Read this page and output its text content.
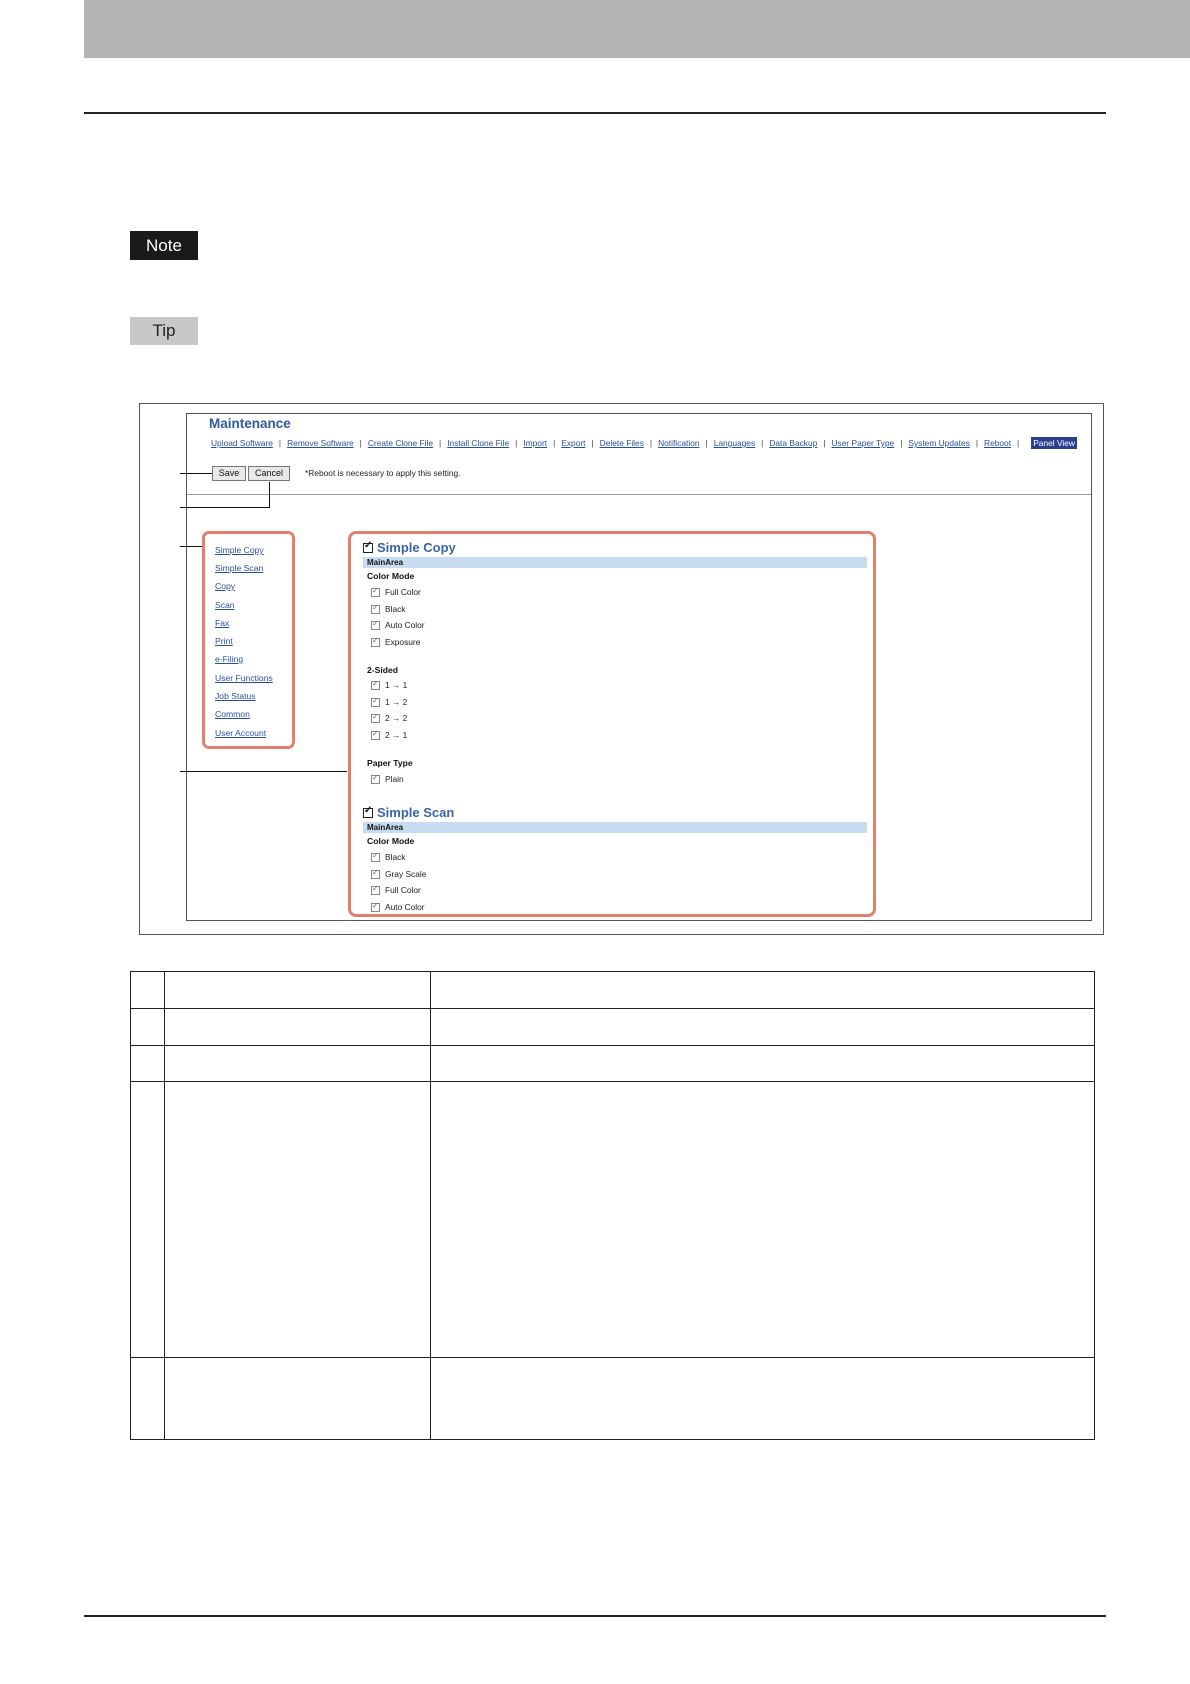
Note
Tip
Maintenance
Upload Software | Remove Software | Create Clone File | Install Clone File | Import | Export | Delete Files | Notification | Languages | Data Backup | User Paper Type | System Updates | Reboot | Panel View
Save	Cancel	*Reboot is necessary to apply this setting.
Simple Copy
Simple Scan
Copy
Scan
Fax
Print
e-Filing
User Functions
Job Status
Common
User Account
✓
Simple Copy
MainArea
Color Mode
✓
Full Color
✓
Black
✓
Auto Color
✓
Exposure
2-Sided
✓
1 → 1
✓
1 → 2
✓
2 → 2
✓
2 → 1
Paper Type
✓
Plain
✓
Simple Scan
MainArea
Color Mode
✓
Black
✓
Gray Scale
✓
Full Color
✓
Auto Color
